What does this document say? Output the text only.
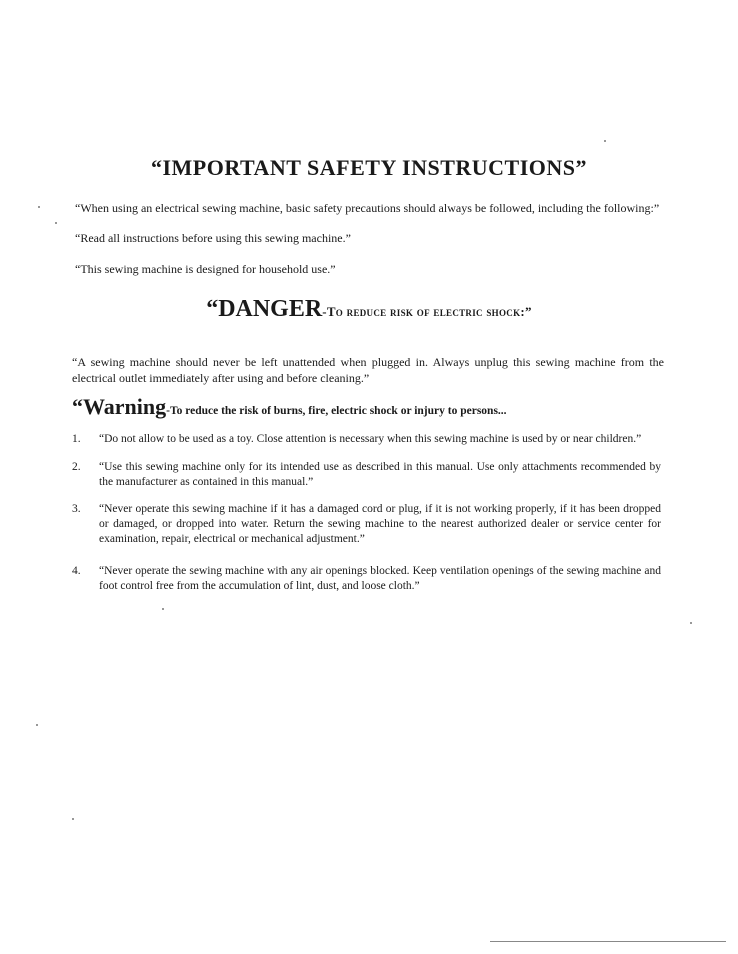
“IMPORTANT SAFETY INSTRUCTIONS”
“When using an electrical sewing machine, basic safety precautions should always be followed, including the following:”
“Read all instructions before using this sewing machine.”
“This sewing machine is designed for household use.”
“DANGER-To reduce risk of electric shock:”
“A sewing machine should never be left unattended when plugged in. Always unplug this sewing machine from the electrical outlet immediately after using and before cleaning.”
“Warning-To reduce the risk of burns, fire, electric shock or injury to persons...
1.	“Do not allow to be used as a toy. Close attention is necessary when this sewing machine is used by or near children.”
2.	“Use this sewing machine only for its intended use as described in this manual. Use only attachments recommended by the manufacturer as contained in this manual.”
3.	“Never operate this sewing machine if it has a damaged cord or plug, if it is not working properly, if it has been dropped or damaged, or dropped into water. Return the sewing machine to the nearest authorized dealer or service center for examination, repair, electrical or mechanical adjustment.”
4.	“Never operate the sewing machine with any air openings blocked. Keep ventilation openings of the sewing machine and foot control free from the accumulation of lint, dust, and loose cloth.”
